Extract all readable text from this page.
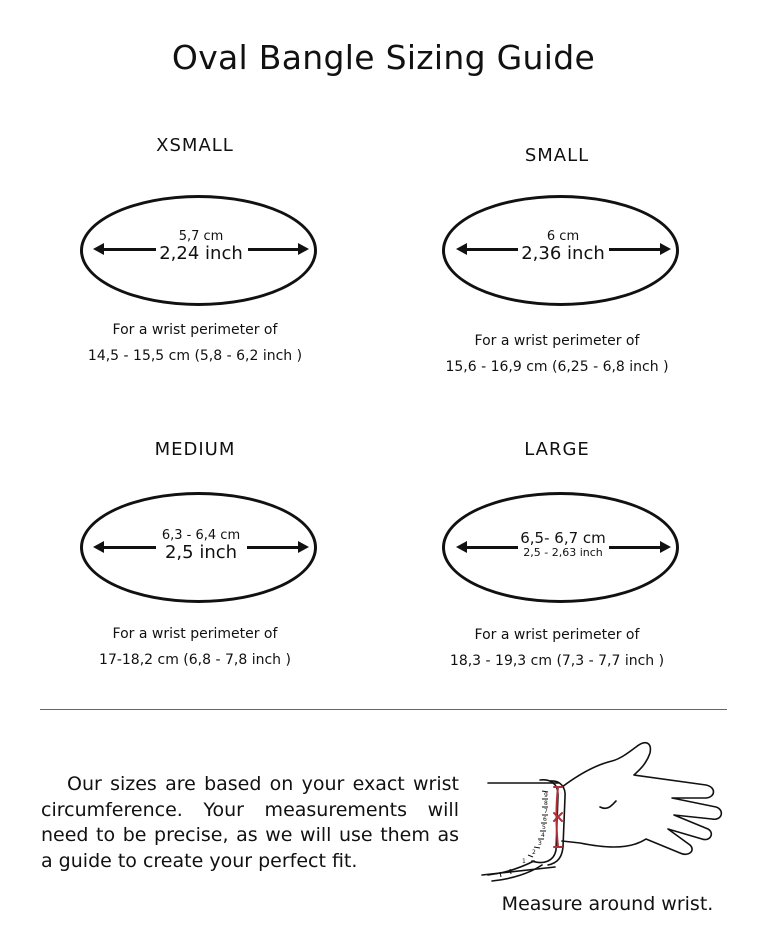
Oval Bangle Sizing Guide
XSMALL
5,7 cm
2,24 inch
For a wrist perimeter of
14,5 - 15,5 cm (5,8 - 6,2 inch )
SMALL
6 cm
2,36 inch
For a wrist perimeter of
15,6 - 16,9 cm (6,25 - 6,8 inch )
MEDIUM
6,3 - 6,4 cm
2,5 inch
For a wrist perimeter of
17-18,2 cm (6,8 - 7,8 inch )
LARGE
6,5- 6,7 cm
2,5 - 2,63 inch
For a wrist perimeter of
18,3 - 19,3 cm (7,3 - 7,7 inch )
Our sizes are based on your exact wrist circumference. Your measurements will need to be precise, as we will use them as a guide to create your perfect fit.
9
8
7
6
5
4
3
2
1
Measure around wrist.
